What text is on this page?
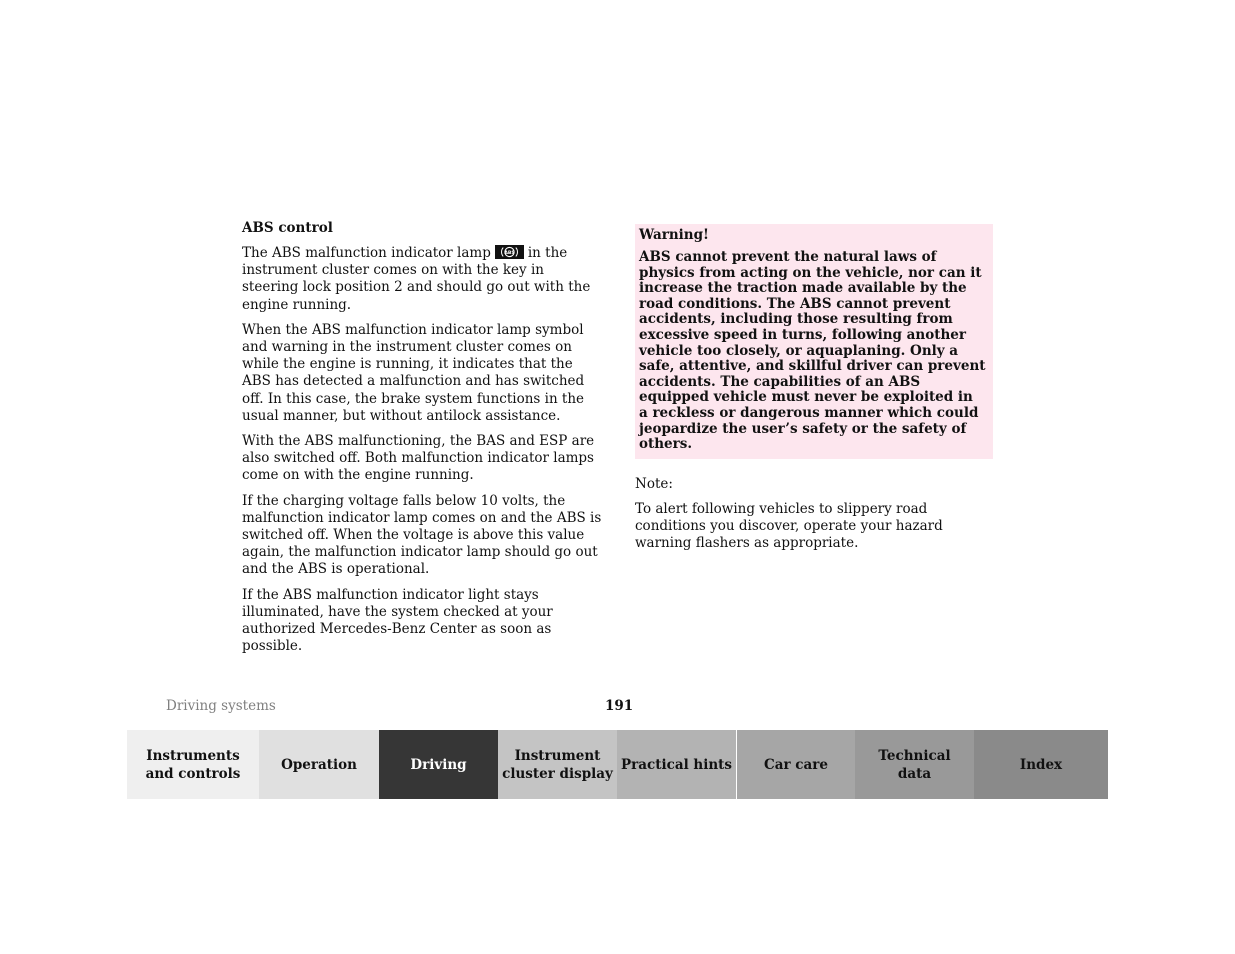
ABS control

The ABS malfunction indicator lamp	ABS in the instrument cluster comes on with the key in steering lock position 2 and should go out with the engine running.

When the ABS malfunction indicator lamp symbol and warning in the instrument cluster comes on while the engine is running, it indicates that the ABS has detected a malfunction and has switched off. In this case, the brake system functions in the usual manner, but without antilock assistance.

With the ABS malfunctioning, the BAS and ESP are also switched off. Both malfunction indicator lamps come on with the engine running.

If the charging voltage falls below 10 volts, the malfunction indicator lamp comes on and the ABS is switched off. When the voltage is above this value again, the malfunction indicator lamp should go out and the ABS is operational.

If the ABS malfunction indicator light stays illuminated, have the system checked at your authorized Mercedes-Benz Center as soon as possible.

Warning!

ABS cannot prevent the natural laws of physics from acting on the vehicle, nor can it increase the traction made available by the road conditions. The ABS cannot prevent accidents, including those resulting from excessive speed in turns, following another vehicle too closely, or aquaplaning. Only a safe, attentive, and skillful driver can prevent accidents. The capabilities of an ABS equipped vehicle must never be exploited in a reckless or dangerous manner which could jeopardize the user’s safety or the safety of others.

Note:

To alert following vehicles to slippery road conditions you discover, operate your hazard warning flashers as appropriate.

Driving systems	191
Instruments
and controls
Operation	Driving
Instrument
cluster display
Practical hints Car care
Technical
data
Index
